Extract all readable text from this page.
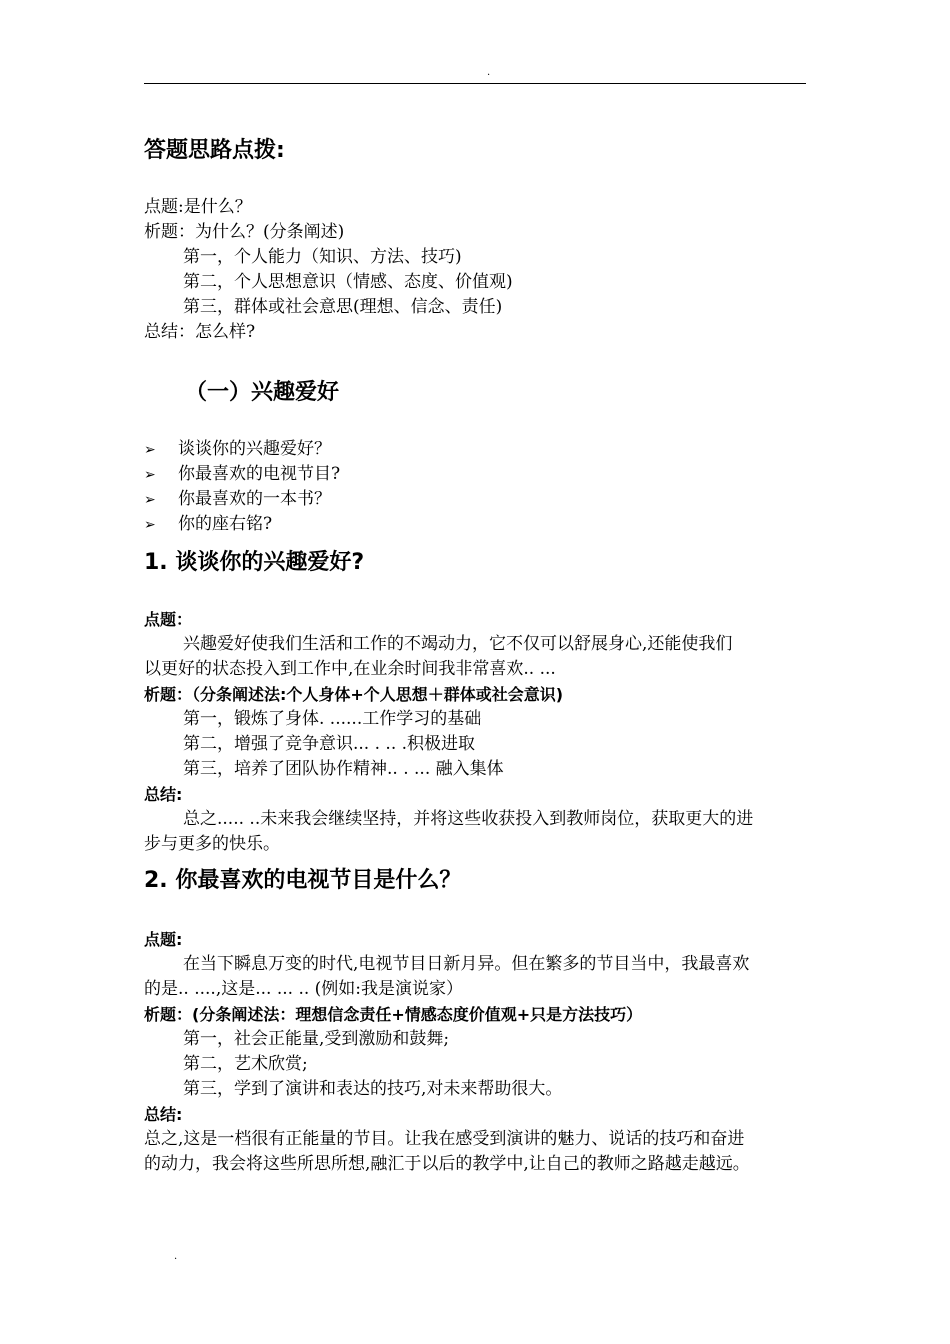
.
答题思路点拨:
点题:是什么？
析题：为什么？(分条阐述)
第一，个人能力（知识、方法、技巧)
第二，个人思想意识（情感、态度、价值观)
第三，群体或社会意思(理想、信念、责任)
总结：怎么样?
（一）兴趣爱好
➢ 谈谈你的兴趣爱好？
➢ 你最喜欢的电视节目?
➢ 你最喜欢的一本书？
➢ 你的座右铭?
1. 谈谈你的兴趣爱好?
点题：
兴趣爱好使我们生活和工作的不竭动力，它不仅可以舒展身心,还能使我们
以更好的状态投入到工作中,在业余时间我非常喜欢.. ...
析题：（分条阐述法:个人身体+个人思想＋群体或社会意识)
第一，锻炼了身体. ......工作学习的基础
第二，增强了竞争意识... . .. .积极进取
第三，培养了团队协作精神.. . ... 融入集体
总结:
总之..... ..未来我会继续坚持，并将这些收获投入到教师岗位，获取更大的进
步与更多的快乐。
2. 你最喜欢的电视节目是什么？
点题:
在当下瞬息万变的时代,电视节目日新月异。但在繁多的节目当中，我最喜欢
的是.. ....,这是... ... .. (例如:我是演说家）
析题：(分条阐述法：理想信念责任+情感态度价值观+只是方法技巧）
第一，社会正能量,受到激励和鼓舞;
第二，艺术欣赏;
第三，学到了演讲和表达的技巧,对未来帮助很大。
总结:
总之,这是一档很有正能量的节目。让我在感受到演讲的魅力、说话的技巧和奋进
的动力，我会将这些所思所想,融汇于以后的教学中,让自己的教师之路越走越远。
.
